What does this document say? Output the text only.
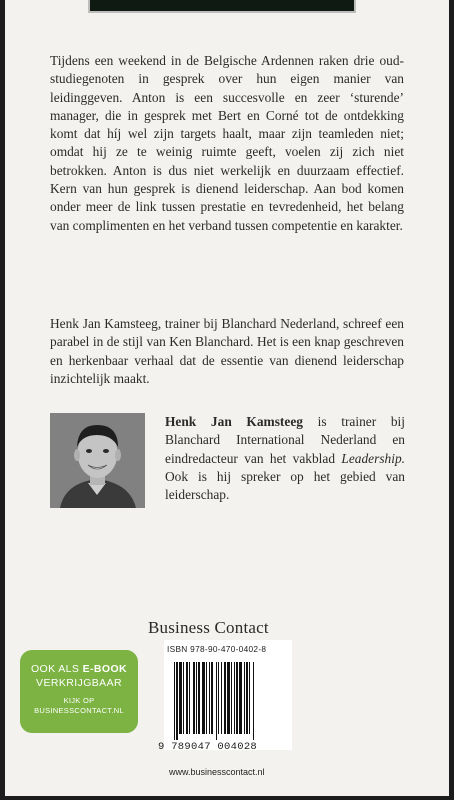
Tijdens een weekend in de Belgische Ardennen raken drie oud-studiegenoten in gesprek over hun eigen manier van leidinggeven. Anton is een succesvolle en zeer ‘sturende’ manager, die in gesprek met Bert en Corné tot de ontdekking komt dat híj wel zijn targets haalt, maar zijn teamleden niet; omdat hij ze te weinig ruimte geeft, voelen zij zich niet betrokken. Anton is dus niet werkelijk en duurzaam effectief. Kern van hun gesprek is dienend leiderschap. Aan bod komen onder meer de link tussen prestatie en tevredenheid, het belang van complimenten en het verband tussen competentie en karakter.

Henk Jan Kamsteeg, trainer bij Blanchard Nederland, schreef een parabel in de stijl van Ken Blanchard. Het is een knap geschreven en herkenbaar verhaal dat de essentie van dienend leiderschap inzichtelijk maakt.

Henk Jan Kamsteeg is trainer bij Blanchard International Nederland en eindredacteur van het vakblad Leadership. Ook is hij spreker op het gebied van leiderschap.

Business Contact
OOK ALS E-BOOK
VERKRIJGBAAR
KIJK OP
BUSINESSCONTACT.NL
ISBN 978-90-470-0402-8
9 789047 004028
www.businesscontact.nl
